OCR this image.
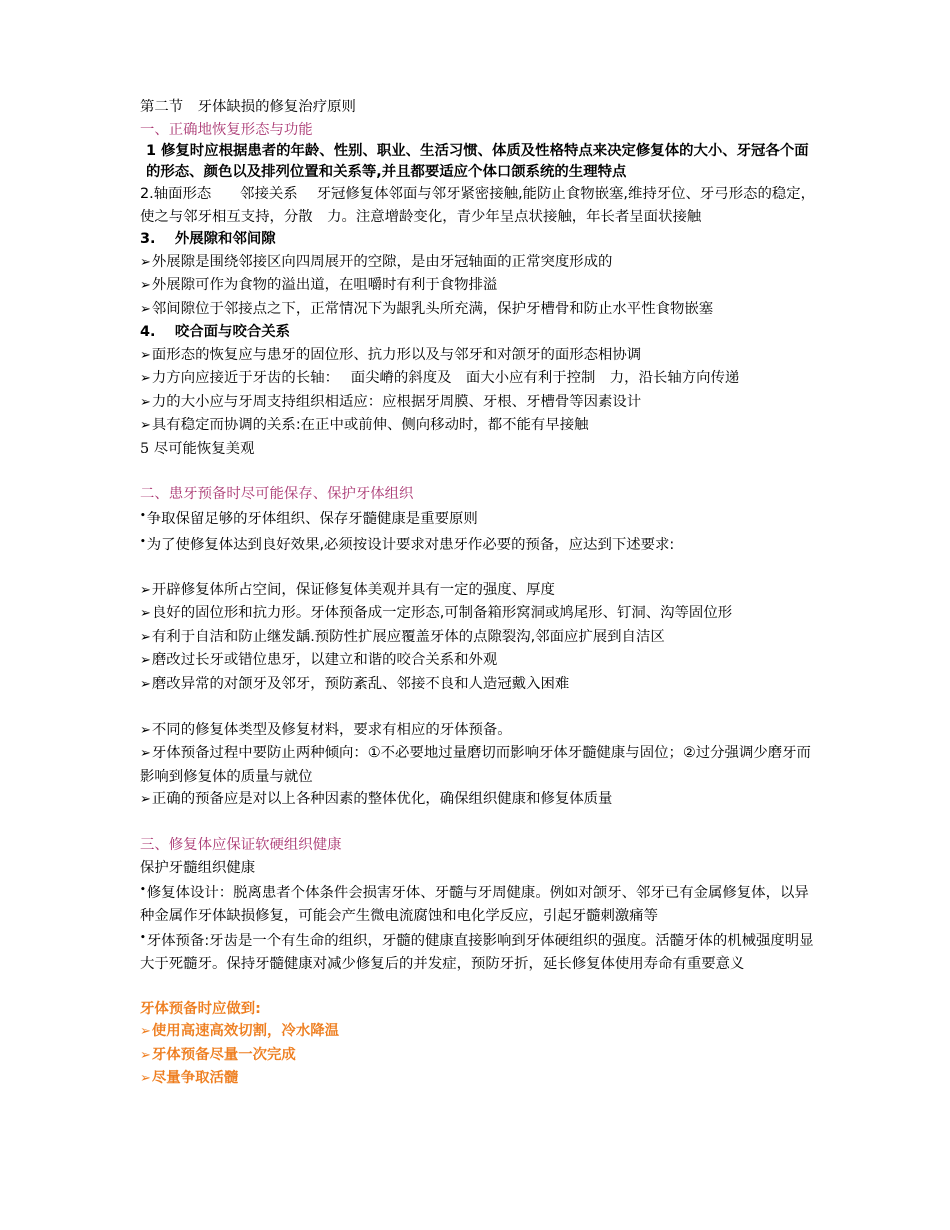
第二节　牙体缺损的修复治疗原则
一、正确地恢复形态与功能
1 修复时应根据患者的年龄、性别、职业、生活习惯、体质及性格特点来决定修复体的大小、牙冠各个面的形态、颜色以及排列位置和关系等,并且都要适应个体口颌系统的生理特点
2.轴面形态　　邻接关系　 牙冠修复体邻面与邻牙紧密接触,能防止食物嵌塞,维持牙位、牙弓形态的稳定，使之与邻牙相互支持，分散　力。注意增龄变化，青少年呈点状接触，年长者呈面状接触
3.　 外展隙和邻间隙
➢外展隙是围绕邻接区向四周展开的空隙，是由牙冠轴面的正常突度形成的
➢外展隙可作为食物的溢出道，在咀嚼时有利于食物排溢
➢邻间隙位于邻接点之下，正常情况下为龈乳头所充满，保护牙槽骨和防止水平性食物嵌塞
4.　 咬合面与咬合关系
➢面形态的恢复应与患牙的固位形、抗力形以及与邻牙和对颌牙的面形态相协调
➢力方向应接近于牙齿的长轴：　 面尖嵴的斜度及　面大小应有利于控制　力，沿长轴方向传递
➢力的大小应与牙周支持组织相适应：应根据牙周膜、牙根、牙槽骨等因素设计
➢具有稳定而协调的关系:在正中或前伸、侧向移动时，都不能有早接触
5 尽可能恢复美观
二、患牙预备时尽可能保存、保护牙体组织
•争取保留足够的牙体组织、保存牙髓健康是重要原则
•为了使修复体达到良好效果,必须按设计要求对患牙作必要的预备，应达到下述要求:
➢开辟修复体所占空间，保证修复体美观并具有一定的强度、厚度
➢良好的固位形和抗力形。牙体预备成一定形态,可制备箱形窝洞或鸠尾形、钉洞、沟等固位形
➢有利于自洁和防止继发龋.预防性扩展应覆盖牙体的点隙裂沟,邻面应扩展到自洁区
➢磨改过长牙或错位患牙，以建立和谐的咬合关系和外观
➢磨改异常的对颌牙及邻牙，预防紊乱、邻接不良和人造冠戴入困难
➢不同的修复体类型及修复材料，要求有相应的牙体预备。
➢牙体预备过程中要防止两种倾向：①不必要地过量磨切而影响牙体牙髓健康与固位；②过分强调少磨牙而影响到修复体的质量与就位
➢正确的预备应是对以上各种因素的整体优化，确保组织健康和修复体质量
三、修复体应保证软硬组织健康
保护牙髓组织健康
•修复体设计：脱离患者个体条件会损害牙体、牙髓与牙周健康。例如对颌牙、邻牙已有金属修复体，以异种金属作牙体缺损修复，可能会产生微电流腐蚀和电化学反应，引起牙髓刺激痛等
•牙体预备:牙齿是一个有生命的组织，牙髓的健康直接影响到牙体硬组织的强度。活髓牙体的机械强度明显大于死髓牙。保持牙髓健康对减少修复后的并发症，预防牙折，延长修复体使用寿命有重要意义
牙体预备时应做到:
➢使用高速高效切割，冷水降温
➢牙体预备尽量一次完成
➢尽量争取活髓
